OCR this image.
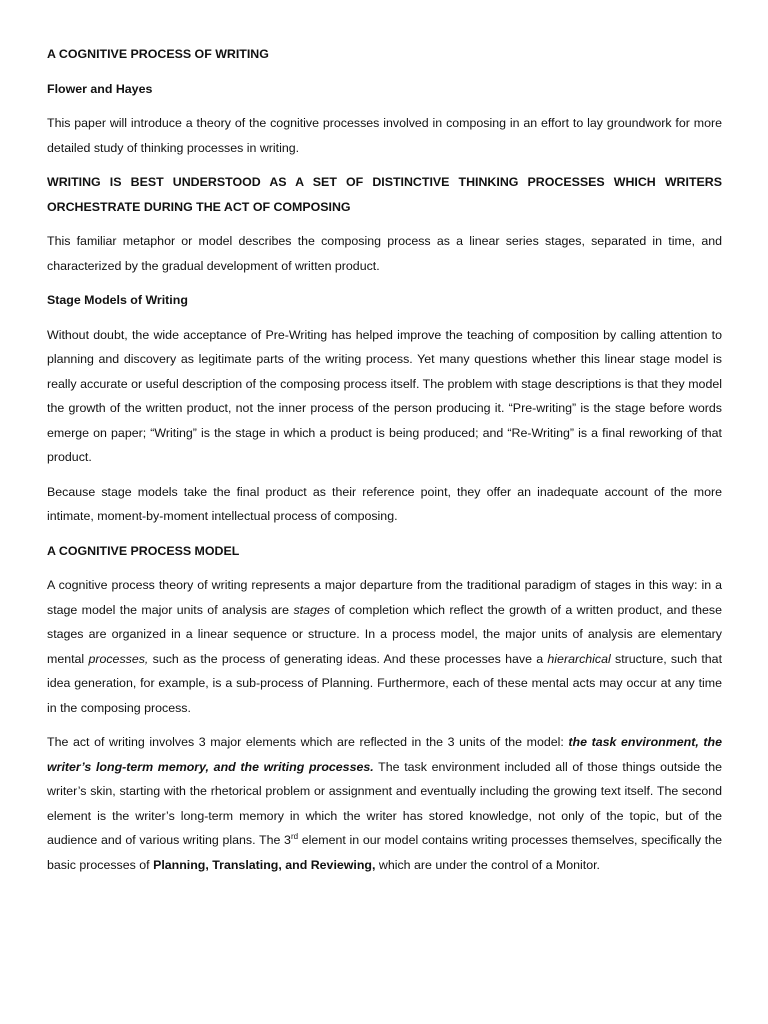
A COGNITIVE PROCESS OF WRITING

Flower and Hayes

This paper will introduce a theory of the cognitive processes involved in composing in an effort to lay groundwork for more detailed study of thinking processes in writing.

WRITING IS BEST UNDERSTOOD AS A SET OF DISTINCTIVE THINKING PROCESSES WHICH WRITERS ORCHESTRATE DURING THE ACT OF COMPOSING

This familiar metaphor or model describes the composing process as a linear series stages, separated in time, and characterized by the gradual development of written product.

Stage Models of Writing

Without doubt, the wide acceptance of Pre-Writing has helped improve the teaching of composition by calling attention to planning and discovery as legitimate parts of the writing process. Yet many questions whether this linear stage model is really accurate or useful description of the composing process itself. The problem with stage descriptions is that they model the growth of the written product, not the inner process of the person producing it. “Pre-writing” is the stage before words emerge on paper; “Writing” is the stage in which a product is being produced; and “Re-Writing” is a final reworking of that product.

Because stage models take the final product as their reference point, they offer an inadequate account of the more intimate, moment-by-moment intellectual process of composing.

A COGNITIVE PROCESS MODEL

A cognitive process theory of writing represents a major departure from the traditional paradigm of stages in this way: in a stage model the major units of analysis are stages of completion which reflect the growth of a written product, and these stages are organized in a linear sequence or structure. In a process model, the major units of analysis are elementary mental processes, such as the process of generating ideas. And these processes have a hierarchical structure, such that idea generation, for example, is a sub-process of Planning. Furthermore, each of these mental acts may occur at any time in the composing process.

The act of writing involves 3 major elements which are reflected in the 3 units of the model: the task environment, the writer’s long-term memory, and the writing processes. The task environment included all of those things outside the writer’s skin, starting with the rhetorical problem or assignment and eventually including the growing text itself. The second element is the writer’s long-term memory in which the writer has stored knowledge, not only of the topic, but of the audience and of various writing plans. The 3rd element in our model contains writing processes themselves, specifically the basic processes of Planning, Translating, and Reviewing, which are under the control of a Monitor.
